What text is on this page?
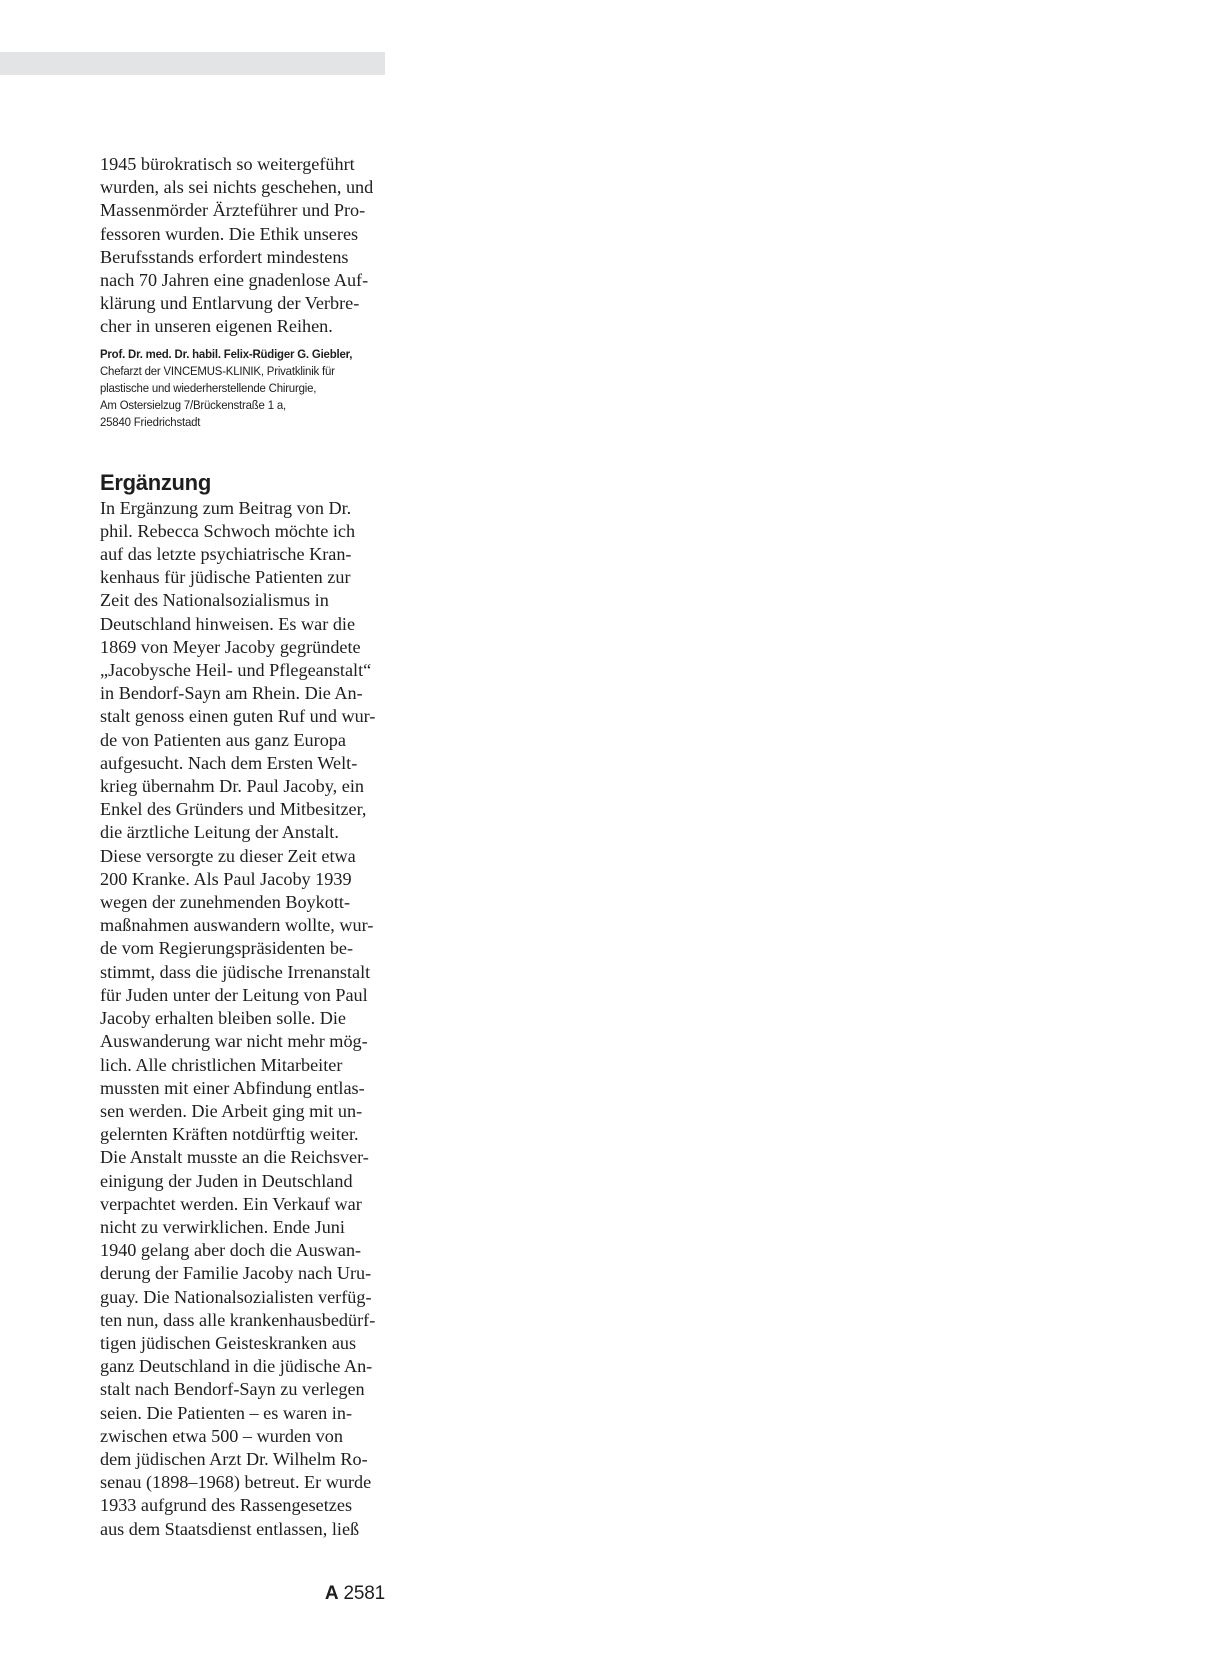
1945 bürokratisch so weitergeführt
wurden, als sei nichts geschehen, und
Massenmörder Ärzteführer und Pro-
fessoren wurden. Die Ethik unseres
Berufsstands erfordert mindestens
nach 70 Jahren eine gnadenlose Auf-
klärung und Entlarvung der Verbre-
cher in unseren eigenen Reihen.
Prof. Dr. med. Dr. habil. Felix-Rüdiger G. Giebler,
Chefarzt der VINCEMUS-KLINIK, Privatklinik für
plastische und wiederherstellende Chirurgie,
Am Ostersielzug 7/Brückenstraße 1 a,
25840 Friedrichstadt
Ergänzung
In Ergänzung zum Beitrag von Dr.
phil. Rebecca Schwoch möchte ich
auf das letzte psychiatrische Kran-
kenhaus für jüdische Patienten zur
Zeit des Nationalsozialismus in
Deutschland hinweisen. Es war die
1869 von Meyer Jacoby gegründete
„Jacobysche Heil- und Pflegeanstalt“
in Bendorf-Sayn am Rhein. Die An-
stalt genoss einen guten Ruf und wur-
de von Patienten aus ganz Europa
aufgesucht. Nach dem Ersten Welt-
krieg übernahm Dr. Paul Jacoby, ein
Enkel des Gründers und Mitbesitzer,
die ärztliche Leitung der Anstalt.
Diese versorgte zu dieser Zeit etwa
200 Kranke. Als Paul Jacoby 1939
wegen der zunehmenden Boykott-
maßnahmen auswandern wollte, wur-
de vom Regierungspräsidenten be-
stimmt, dass die jüdische Irrenanstalt
für Juden unter der Leitung von Paul
Jacoby erhalten bleiben solle. Die
Auswanderung war nicht mehr mög-
lich. Alle christlichen Mitarbeiter
mussten mit einer Abfindung entlas-
sen werden. Die Arbeit ging mit un-
gelernten Kräften notdürftig weiter.
Die Anstalt musste an die Reichsver-
einigung der Juden in Deutschland
verpachtet werden. Ein Verkauf war
nicht zu verwirklichen. Ende Juni
1940 gelang aber doch die Auswan-
derung der Familie Jacoby nach Uru-
guay. Die Nationalsozialisten verfüg-
ten nun, dass alle krankenhausbedürf-
tigen jüdischen Geisteskranken aus
ganz Deutschland in die jüdische An-
stalt nach Bendorf-Sayn zu verlegen
seien. Die Patienten – es waren in-
zwischen etwa 500 – wurden von
dem jüdischen Arzt Dr. Wilhelm Ro-
senau (1898–1968) betreut. Er wurde
1933 aufgrund des Rassengesetzes
aus dem Staatsdienst entlassen, ließ
A 2581
